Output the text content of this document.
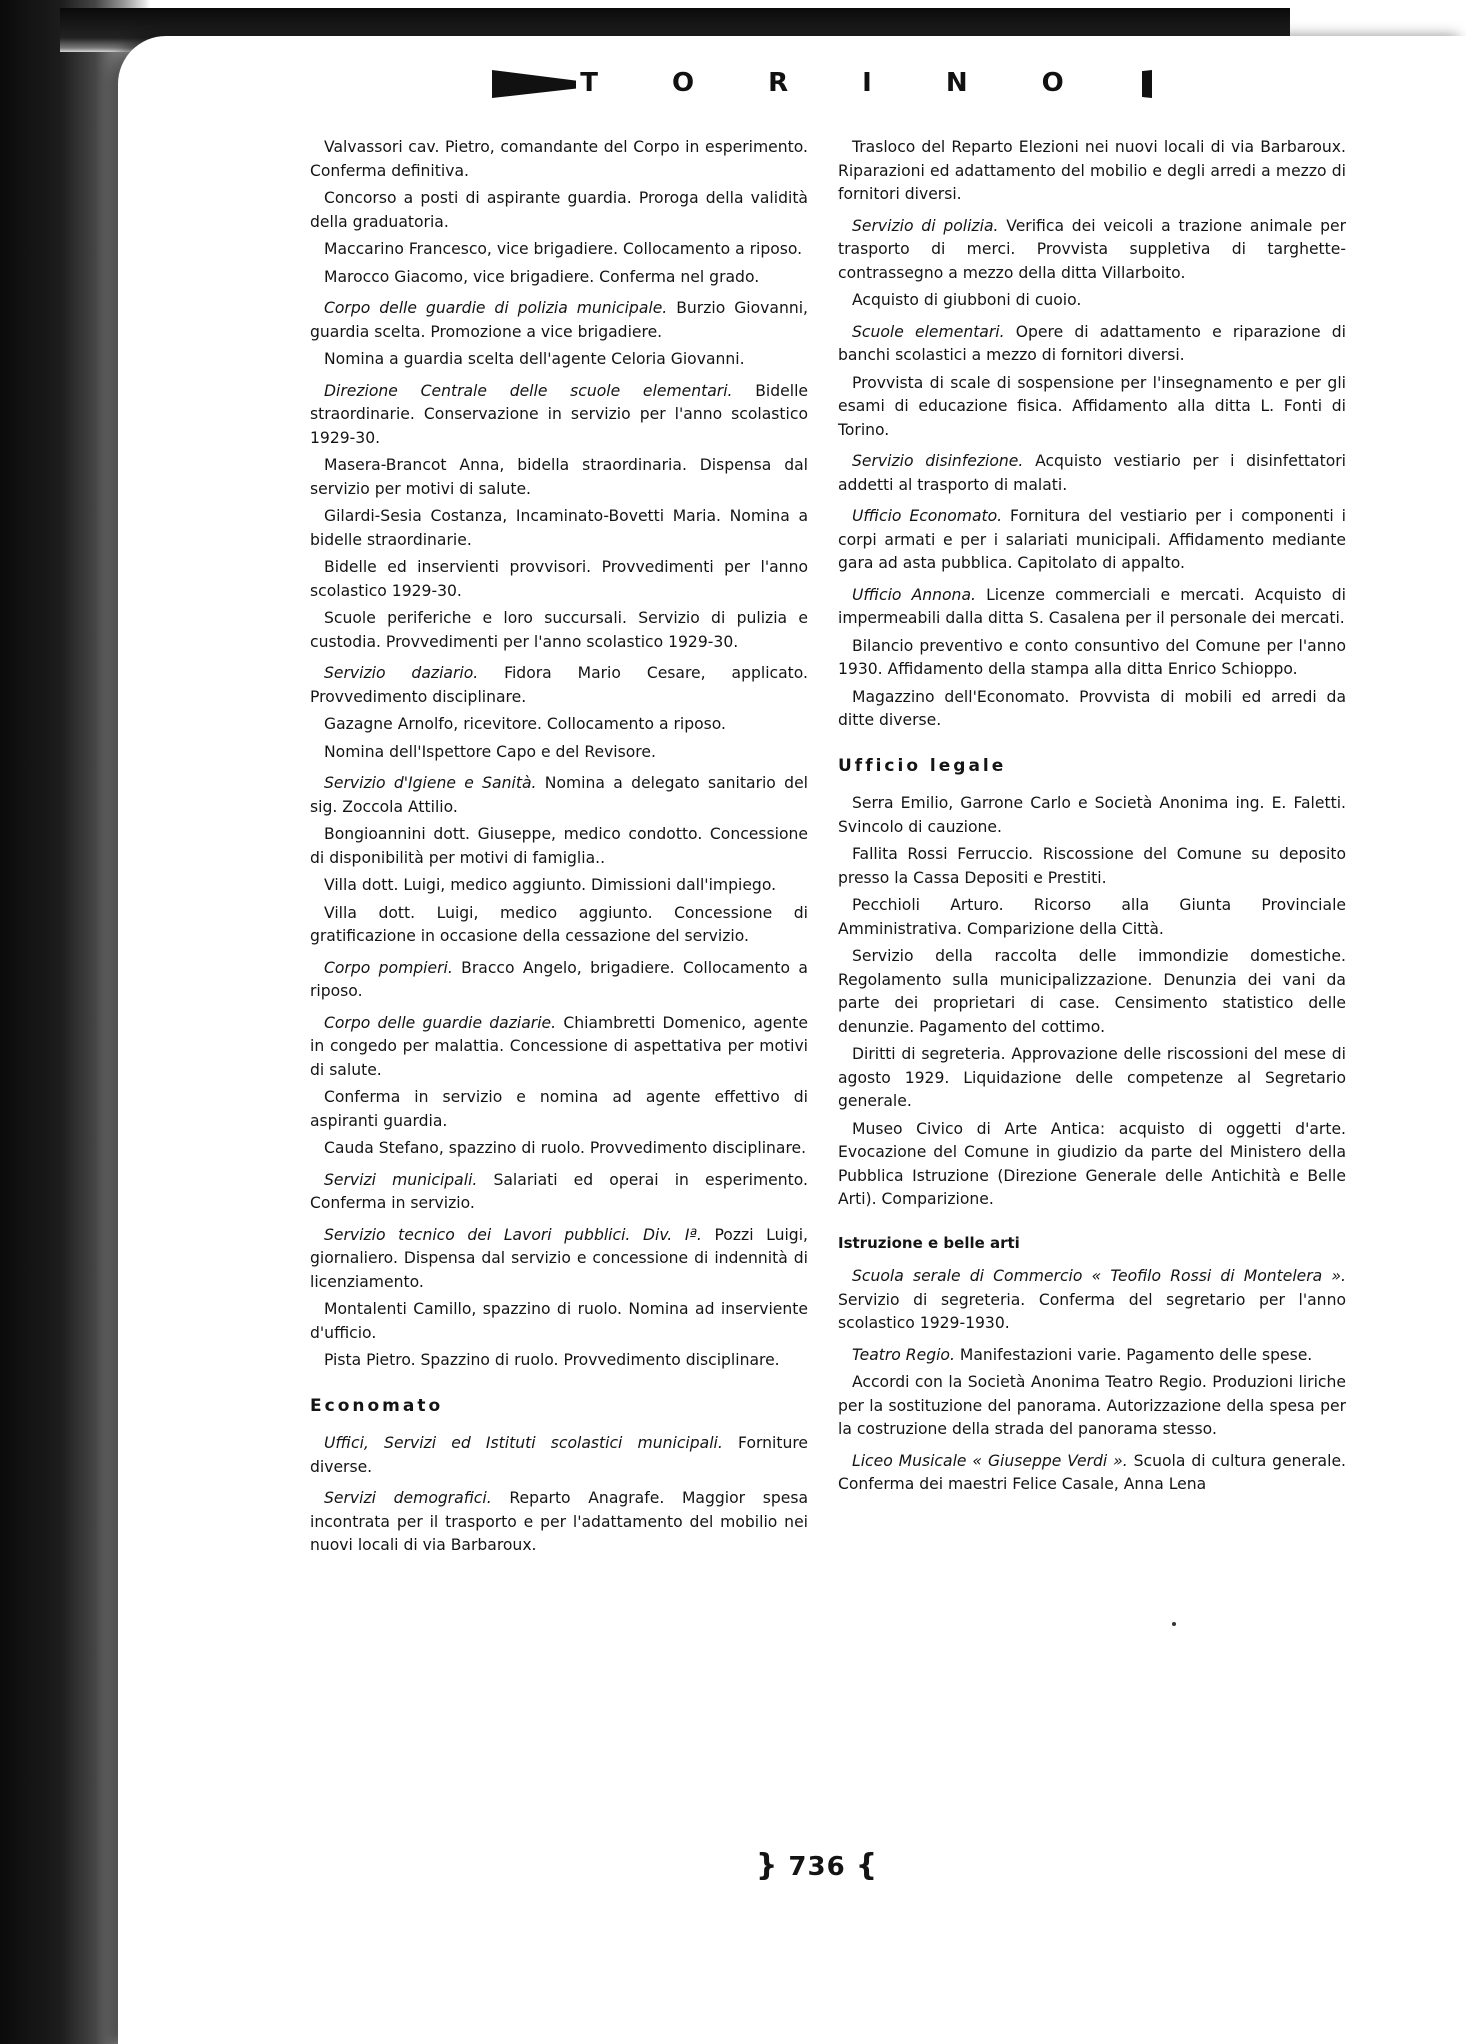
TORINO

Valvassori cav. Pietro, comandante del Corpo in esperimento. Conferma definitiva.

Concorso a posti di aspirante guardia. Proroga della validità della graduatoria.

Maccarino Francesco, vice brigadiere. Collocamento a riposo.

Marocco Giacomo, vice brigadiere. Conferma nel grado.

Corpo delle guardie di polizia municipale. Burzio Giovanni, guardia scelta. Promozione a vice brigadiere.

Nomina a guardia scelta dell'agente Celoria Giovanni.

Direzione Centrale delle scuole elementari. Bidelle straordinarie. Conservazione in servizio per l'anno scolastico 1929-30.

Masera-Brancot Anna, bidella straordinaria. Dispensa dal servizio per motivi di salute.

Gilardi-Sesia Costanza, Incaminato-Bovetti Maria. Nomina a bidelle straordinarie.

Bidelle ed inservienti provvisori. Provvedimenti per l'anno scolastico 1929-30.

Scuole periferiche e loro succursali. Servizio di pulizia e custodia. Provvedimenti per l'anno scolastico 1929-30.

Servizio daziario. Fidora Mario Cesare, applicato. Provvedimento disciplinare.

Gazagne Arnolfo, ricevitore. Collocamento a riposo.

Nomina dell'Ispettore Capo e del Revisore.

Servizio d'Igiene e Sanità. Nomina a delegato sanitario del sig. Zoccola Attilio.

Bongioannini dott. Giuseppe, medico condotto. Concessione di disponibilità per motivi di famiglia..

Villa dott. Luigi, medico aggiunto. Dimissioni dall'impiego.

Villa dott. Luigi, medico aggiunto. Concessione di gratificazione in occasione della cessazione del servizio.

Corpo pompieri. Bracco Angelo, brigadiere. Collocamento a riposo.

Corpo delle guardie daziarie. Chiambretti Domenico, agente in congedo per malattia. Concessione di aspettativa per motivi di salute.

Conferma in servizio e nomina ad agente effettivo di aspiranti guardia.

Cauda Stefano, spazzino di ruolo. Provvedimento disciplinare.

Servizi municipali. Salariati ed operai in esperimento. Conferma in servizio.

Servizio tecnico dei Lavori pubblici. Div. Iª. Pozzi Luigi, giornaliero. Dispensa dal servizio e concessione di indennità di licenziamento.

Montalenti Camillo, spazzino di ruolo. Nomina ad inserviente d'ufficio.

Pista Pietro. Spazzino di ruolo. Provvedimento disciplinare.

Economato

Uffici, Servizi ed Istituti scolastici municipali. Forniture diverse.

Servizi demografici. Reparto Anagrafe. Maggior spesa incontrata per il trasporto e per l'adattamento del mobilio nei nuovi locali di via Barbaroux.

Trasloco del Reparto Elezioni nei nuovi locali di via Barbaroux. Riparazioni ed adattamento del mobilio e degli arredi a mezzo di fornitori diversi.

Servizio di polizia. Verifica dei veicoli a trazione animale per trasporto di merci. Provvista suppletiva di targhette-contrassegno a mezzo della ditta Villarboito.

Acquisto di giubboni di cuoio.

Scuole elementari. Opere di adattamento e riparazione di banchi scolastici a mezzo di fornitori diversi.

Provvista di scale di sospensione per l'insegnamento e per gli esami di educazione fisica. Affidamento alla ditta L. Fonti di Torino.

Servizio disinfezione. Acquisto vestiario per i disinfettatori addetti al trasporto di malati.

Ufficio Economato. Fornitura del vestiario per i componenti i corpi armati e per i salariati municipali. Affidamento mediante gara ad asta pubblica. Capitolato di appalto.

Ufficio Annona. Licenze commerciali e mercati. Acquisto di impermeabili dalla ditta S. Casalena per il personale dei mercati.

Bilancio preventivo e conto consuntivo del Comune per l'anno 1930. Affidamento della stampa alla ditta Enrico Schioppo.

Magazzino dell'Economato. Provvista di mobili ed arredi da ditte diverse.

Ufficio legale

Serra Emilio, Garrone Carlo e Società Anonima ing. E. Faletti. Svincolo di cauzione.

Fallita Rossi Ferruccio. Riscossione del Comune su deposito presso la Cassa Depositi e Prestiti.

Pecchioli Arturo. Ricorso alla Giunta Provinciale Amministrativa. Comparizione della Città.

Servizio della raccolta delle immondizie domestiche. Regolamento sulla municipalizzazione. Denunzia dei vani da parte dei proprietari di case. Censimento statistico delle denunzie. Pagamento del cottimo.

Diritti di segreteria. Approvazione delle riscossioni del mese di agosto 1929. Liquidazione delle competenze al Segretario generale.

Museo Civico di Arte Antica: acquisto di oggetti d'arte. Evocazione del Comune in giudizio da parte del Ministero della Pubblica Istruzione (Direzione Generale delle Antichità e Belle Arti). Comparizione.

Istruzione e belle arti

Scuola serale di Commercio « Teofilo Rossi di Montelera ». Servizio di segreteria. Conferma del segretario per l'anno scolastico 1929-1930.

Teatro Regio. Manifestazioni varie. Pagamento delle spese.

Accordi con la Società Anonima Teatro Regio. Produzioni liriche per la sostituzione del panorama. Autorizzazione della spesa per la costruzione della strada del panorama stesso.

Liceo Musicale « Giuseppe Verdi ». Scuola di cultura generale. Conferma dei maestri Felice Casale, Anna Lena

} 736 {
